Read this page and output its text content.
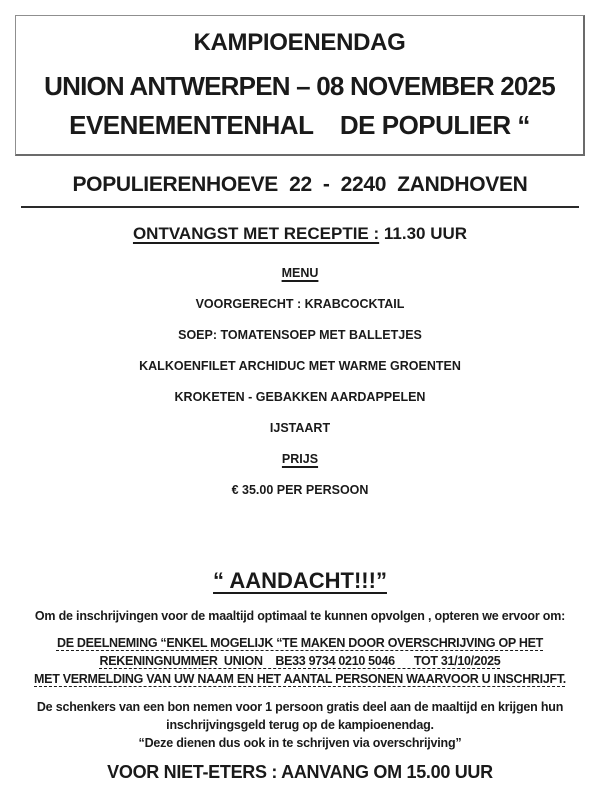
KAMPIOENENDAG
UNION ANTWERPEN – 08 NOVEMBER 2025
EVENEMENTENHAL    DE POPULIER “
POPULIERENHOEVE  22  -  2240  ZANDHOVEN
ONTVANGST MET RECEPTIE : 11.30 UUR
MENU
VOORGERECHT : KRABCOCKTAIL
SOEP: TOMATENSOEP MET BALLETJES
KALKOENFILET ARCHIDUC MET WARME GROENTEN
KROKETEN - GEBAKKEN AARDAPPELEN
IJSTAART
PRIJS
€ 35.00 PER PERSOON
“ AANDACHT!!!”
Om de inschrijvingen voor de maaltijd optimaal te kunnen opvolgen , opteren we ervoor om:
DE DEELNEMING “ENKEL MOGELIJK “TE MAKEN DOOR OVERSCHRIJVING OP HET
REKENINGNUMMER  UNION    BE33 9734 0210 5046      TOT 31/10/2025
MET VERMELDING VAN UW NAAM EN HET AANTAL PERSONEN WAARVOOR U INSCHRIJFT.
De schenkers van een bon nemen voor 1 persoon gratis deel aan de maaltijd en krijgen hun
inschrijvingsgeld terug op de kampioenendag.
“Deze dienen dus ook in te schrijven via overschrijving”
VOOR NIET-ETERS : AANVANG OM 15.00 UUR
